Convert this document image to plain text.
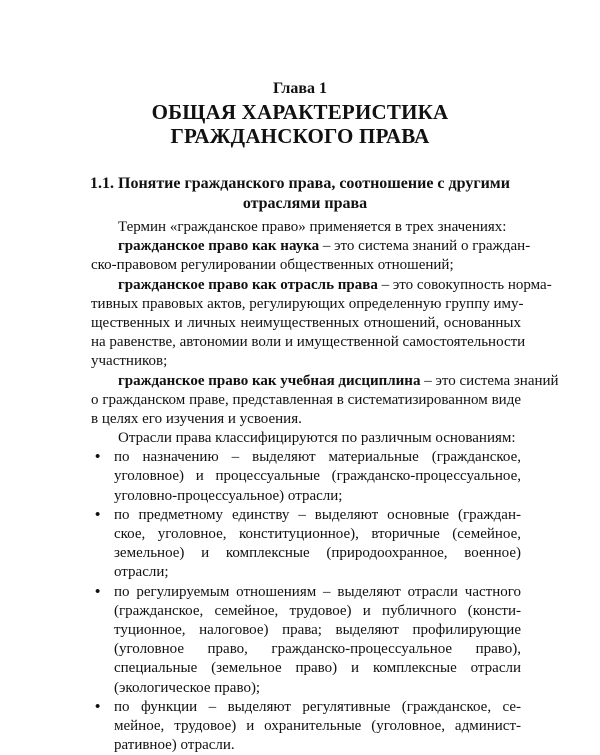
Глава 1
ОБЩАЯ ХАРАКТЕРИСТИКА
ГРАЖДАНСКОГО ПРАВА
1.1. Понятие гражданского права, соотношение с другими
отраслями права
Термин «гражданское право» применяется в трех значениях:
гражданское право как наука – это система знаний о граждан-
ско-правовом регулировании общественных отношений;
гражданское право как отрасль права – это совокупность норма-
тивных правовых актов, регулирующих определенную группу иму-
щественных и личных неимущественных отношений, основанных
на равенстве, автономии воли и имущественной самостоятельности
участников;
гражданское право как учебная дисциплина – это система знаний
о гражданском праве, представленная в систематизированном виде
в целях его изучения и усвоения.
Отрасли права классифицируются по различным основаниям:
• по назначению – выделяют материальные (гражданское,
уголовное) и процессуальные (гражданско-процессуальное,
уголовно-процессуальное) отрасли;
• по предметному единству – выделяют основные (граждан-
ское, уголовное, конституционное), вторичные (семейное,
земельное) и комплексные (природоохранное, военное)
отрасли;
• по регулируемым отношениям – выделяют отрасли частного
(гражданское, семейное, трудовое) и публичного (консти-
туционное, налоговое) права; выделяют профилирующие
(уголовное право, гражданско-процессуальное право),
специальные (земельное право) и комплексные отрасли
(экологическое право);
• по функции – выделяют регулятивные (гражданское, се-
мейное, трудовое) и охранительные (уголовное, админист-
ративное) отрасли.
